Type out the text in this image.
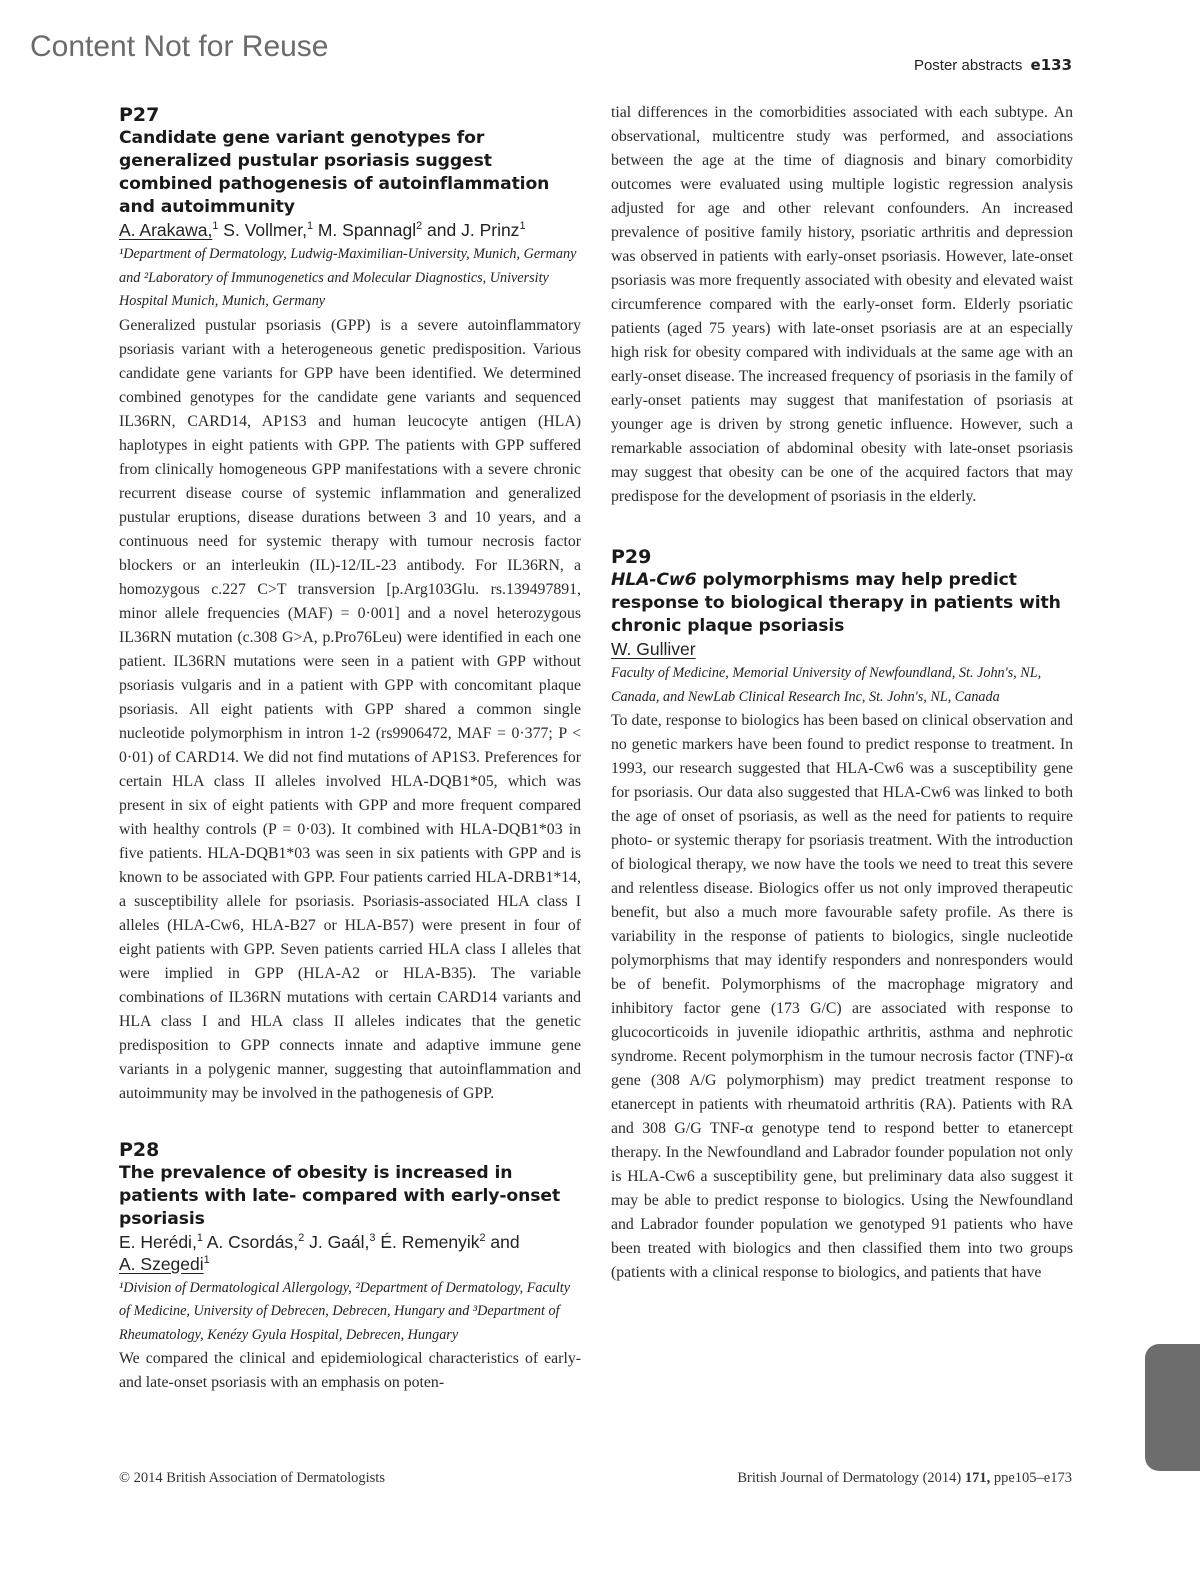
Content Not for Reuse
Poster abstracts e133

P27

Candidate gene variant genotypes for generalized pustular psoriasis suggest combined pathogenesis of autoinflammation and autoimmunity

A. Arakawa,$^1$ S. Vollmer,$^1$ M. Spannagl$^2$ and J. Prinz$^1$

¹Department of Dermatology, Ludwig-Maximilian-University, Munich, Germany and ²Laboratory of Immunogenetics and Molecular Diagnostics, University Hospital Munich, Munich, Germany

Generalized pustular psoriasis (GPP) is a severe autoinflammatory psoriasis variant with a heterogeneous genetic predisposition. Various candidate gene variants for GPP have been identified. We determined combined genotypes for the candidate gene variants and sequenced IL36RN, CARD14, AP1S3 and human leucocyte antigen (HLA) haplotypes in eight patients with GPP. The patients with GPP suffered from clinically homogeneous GPP manifestations with a severe chronic recurrent disease course of systemic inflammation and generalized pustular eruptions, disease durations between 3 and 10 years, and a continuous need for systemic therapy with tumour necrosis factor blockers or an interleukin (IL)-12/IL-23 antibody. For IL36RN, a homozygous c.227 C>T transversion [p.Arg103Glu. rs.139497891, minor allele frequencies (MAF) = 0·001] and a novel heterozygous IL36RN mutation (c.308 G>A, p.Pro76Leu) were identified in each one patient. IL36RN mutations were seen in a patient with GPP without psoriasis vulgaris and in a patient with GPP with concomitant plaque psoriasis. All eight patients with GPP shared a common single nucleotide polymorphism in intron 1-2 (rs9906472, MAF = 0·377; P < 0·01) of CARD14. We did not find mutations of AP1S3. Preferences for certain HLA class II alleles involved HLA-DQB1*05, which was present in six of eight patients with GPP and more frequent compared with healthy controls (P = 0·03). It combined with HLA-DQB1*03 in five patients. HLA-DQB1*03 was seen in six patients with GPP and is known to be associated with GPP. Four patients carried HLA-DRB1*14, a susceptibility allele for psoriasis. Psoriasis-associated HLA class I alleles (HLA-Cw6, HLA-B27 or HLA-B57) were present in four of eight patients with GPP. Seven patients carried HLA class I alleles that were implied in GPP (HLA-A2 or HLA-B35). The variable combinations of IL36RN mutations with certain CARD14 variants and HLA class I and HLA class II alleles indicates that the genetic predisposition to GPP connects innate and adaptive immune gene variants in a polygenic manner, suggesting that autoinflammation and autoimmunity may be involved in the pathogenesis of GPP.

P28

The prevalence of obesity is increased in patients with late- compared with early-onset psoriasis

E. Herédi,$^1$ A. Csordás,$^2$ J. Gaál,$^3$ É. Remenyik$^2$ and
A. Szegedi$^1$

¹Division of Dermatological Allergology, ²Department of Dermatology, Faculty of Medicine, University of Debrecen, Debrecen, Hungary and ³Department of Rheumatology, Kenézy Gyula Hospital, Debrecen, Hungary

We compared the clinical and epidemiological characteristics of early- and late-onset psoriasis with an emphasis on poten-

tial differences in the comorbidities associated with each subtype. An observational, multicentre study was performed, and associations between the age at the time of diagnosis and binary comorbidity outcomes were evaluated using multiple logistic regression analysis adjusted for age and other relevant confounders. An increased prevalence of positive family history, psoriatic arthritis and depression was observed in patients with early-onset psoriasis. However, late-onset psoriasis was more frequently associated with obesity and elevated waist circumference compared with the early-onset form. Elderly psoriatic patients (aged 75 years) with late-onset psoriasis are at an especially high risk for obesity compared with individuals at the same age with an early-onset disease. The increased frequency of psoriasis in the family of early-onset patients may suggest that manifestation of psoriasis at younger age is driven by strong genetic influence. However, such a remarkable association of abdominal obesity with late-onset psoriasis may suggest that obesity can be one of the acquired factors that may predispose for the development of psoriasis in the elderly.

P29

HLA-Cw6 polymorphisms may help predict response to biological therapy in patients with chronic plaque psoriasis

W. Gulliver

Faculty of Medicine, Memorial University of Newfoundland, St. John's, NL, Canada, and NewLab Clinical Research Inc, St. John's, NL, Canada

To date, response to biologics has been based on clinical observation and no genetic markers have been found to predict response to treatment. In 1993, our research suggested that HLA-Cw6 was a susceptibility gene for psoriasis. Our data also suggested that HLA-Cw6 was linked to both the age of onset of psoriasis, as well as the need for patients to require photo- or systemic therapy for psoriasis treatment. With the introduction of biological therapy, we now have the tools we need to treat this severe and relentless disease. Biologics offer us not only improved therapeutic benefit, but also a much more favourable safety profile. As there is variability in the response of patients to biologics, single nucleotide polymorphisms that may identify responders and nonresponders would be of benefit. Polymorphisms of the macrophage migratory and inhibitory factor gene (173 G/C) are associated with response to glucocorticoids in juvenile idiopathic arthritis, asthma and nephrotic syndrome. Recent polymorphism in the tumour necrosis factor (TNF)-α gene (308 A/G polymorphism) may predict treatment response to etanercept in patients with rheumatoid arthritis (RA). Patients with RA and 308 G/G TNF-α genotype tend to respond better to etanercept therapy. In the Newfoundland and Labrador founder population not only is HLA-Cw6 a susceptibility gene, but preliminary data also suggest it may be able to predict response to biologics. Using the Newfoundland and Labrador founder population we genotyped 91 patients who have been treated with biologics and then classified them into two groups (patients with a clinical response to biologics, and patients that have

© 2014 British Association of Dermatologists	British Journal of Dermatology (2014) 171, ppe105–e173
